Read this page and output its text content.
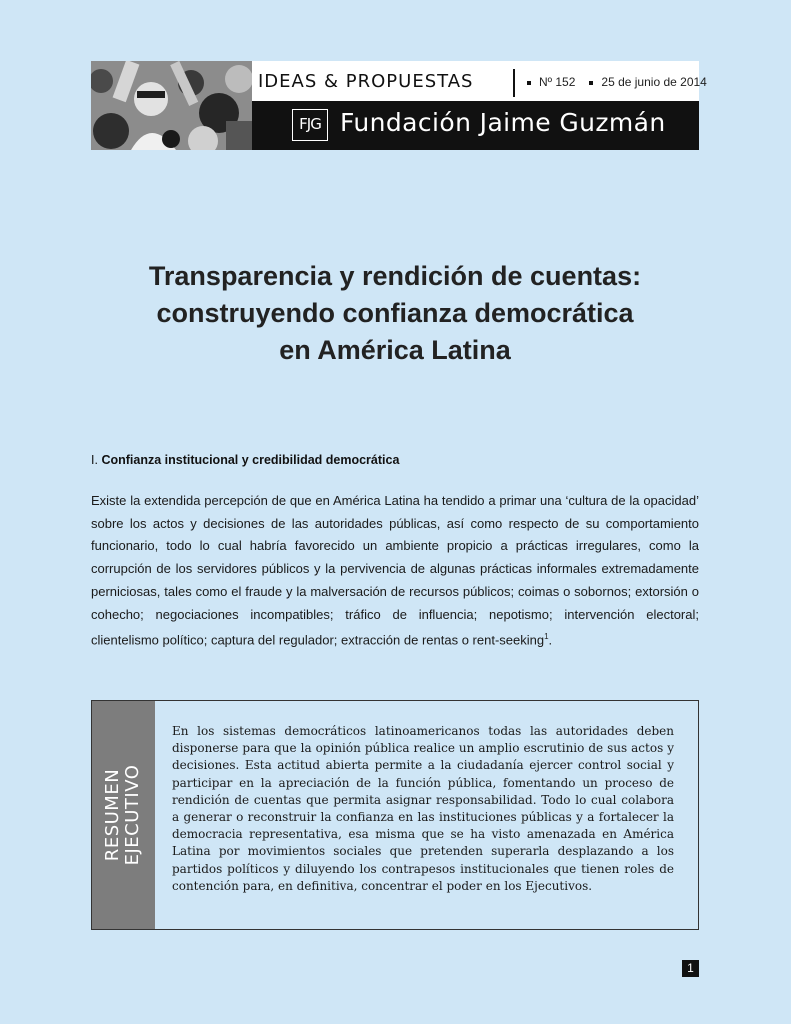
IDEAS & PROPUESTAS	Nº 152 25 de junio de 2014
FJG Fundación Jaime Guzmán
Transparencia y rendición de cuentas:
construyendo confianza democrática
en América Latina
I. Confianza institucional y credibilidad democrática
Existe la extendida percepción de que en América Latina ha tendido a primar una ‘cultura de la opacidad’ sobre los actos y decisiones de las autoridades públicas, así como respecto de su comportamiento funcionario, todo lo cual habría favorecido un ambiente propicio a prácticas irregulares, como la corrupción de los servidores públicos y la pervivencia de algunas prácticas informales extremadamente perniciosas, tales como el fraude y la malversación de recursos públicos; coimas o sobornos; extorsión o cohecho; negociaciones incompatibles; tráfico de influencia; nepotismo; intervención electoral; clientelismo político; captura del regulador; extracción de rentas o rent-seeking$^1$.
RESUMEN EJECUTIVO
En los sistemas democráticos latinoamericanos todas las autoridades deben disponerse para que la opinión pública realice un amplio escrutinio de sus actos y decisiones. Esta actitud abierta permite a la ciudadanía ejercer control social y participar en la apreciación de la función pública, fomentando un proceso de rendición de cuentas que permita asignar responsabilidad. Todo lo cual colabora a generar o reconstruir la confianza en las instituciones públicas y a fortalecer la democracia representativa, esa misma que se ha visto amenazada en América Latina por movimientos sociales que pretenden superarla desplazando a los partidos políticos y diluyendo los contrapesos institucionales que tienen roles de contención para, en definitiva, concentrar el poder en los Ejecutivos.
1
